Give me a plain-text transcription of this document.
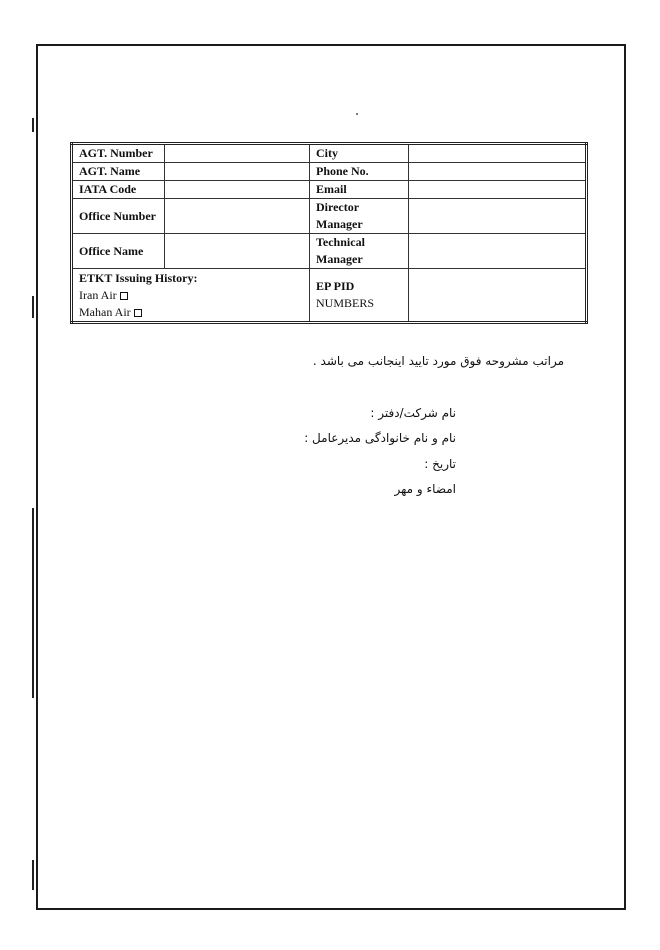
AGT. Number		City	
AGT. Name		Phone No.	
IATA Code		Email	
Office Number		Director Manager	
Office Name		Technical Manager	

ETKT Issuing History:
Iran Air
Mahan Air		EP PID
NUMBERS	

مراتب مشروحه فوق مورد تایید اینجانب می باشد .
نام شرکت/دفتر :
نام و نام خانوادگی مدیرعامل :
تاریخ :
امضاء و مهر
